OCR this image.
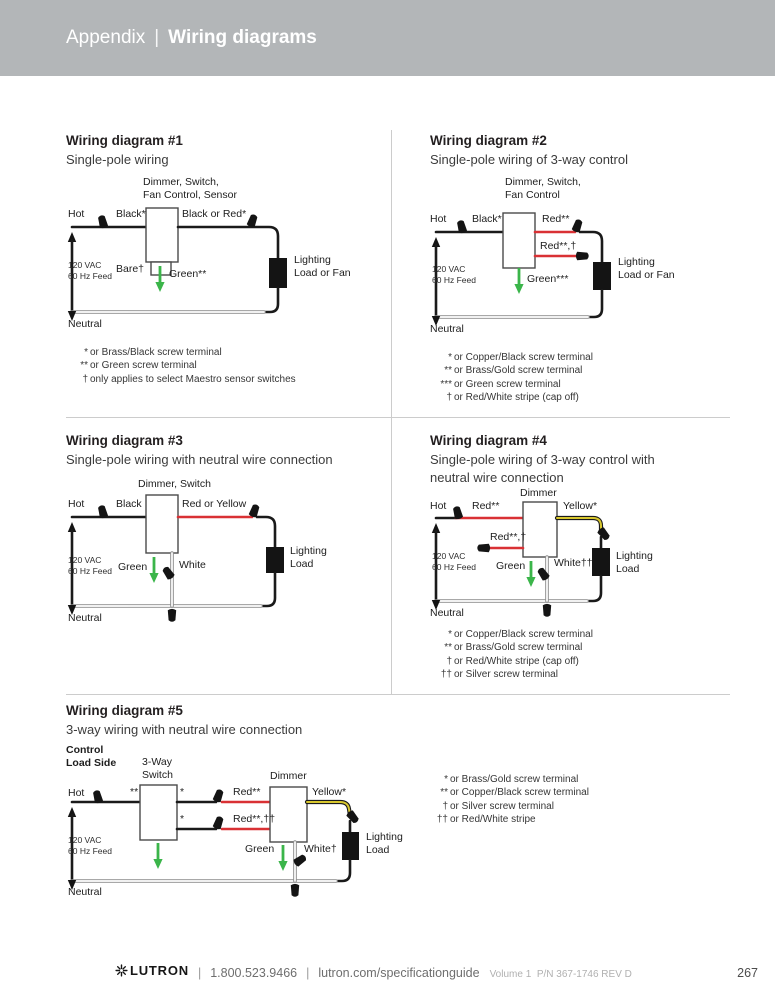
Appendix | Wiring diagrams
Wiring diagram #1
Single-pole wiring
Dimmer, Switch,
Fan Control, Sensor
Hot	Black*	Black or Red*
120 VAC
60 Hz Feed
Bare† Green**
Lighting
Load or Fan
Neutral
* or Brass/Black screw terminal
** or Green screw terminal
† only applies to select Maestro sensor switches
Wiring diagram #2
Single-pole wiring of 3-way control
Dimmer, Switch,
Fan Control
Hot Black*	Red**
Red**,†
120 VAC
60 Hz Feed	Green***
Lighting
Load or Fan
Neutral
* or Copper/Black screw terminal
** or Brass/Gold screw terminal
*** or Green screw terminal
† or Red/White stripe (cap off)
Wiring diagram #3
Single-pole wiring with neutral wire connection
Dimmer, Switch
Hot	Black	Red or Yellow
120 VAC
60 Hz Feed Green	White
Lighting
Load
Neutral
Wiring diagram #4
Single-pole wiring of 3-way control with
neutral wire connection
Dimmer
Hot Red**	Yellow*
Red**,†
120 VAC
60 Hz Feed Green	White††
Lighting
Load
Neutral
* or Copper/Black screw terminal
** or Brass/Gold screw terminal
† or Red/White stripe (cap off)
†† or Silver screw terminal
Wiring diagram #5
3-way wiring with neutral wire connection
Control
Load Side 3-Way
Switch	Dimmer
Hot	**	*	Red**	Yellow*
*	Red**,††
120 VAC
60 Hz Feed	Green	White†
Lighting
Load
Neutral
* or Brass/Gold screw terminal
** or Copper/Black screw terminal
† or Silver screw terminal
†† or Red/White stripe
LUTRON | 1.800.523.9466 | lutron.com/specificationguide Volume 1  P/N 367-1746 REV D	267
